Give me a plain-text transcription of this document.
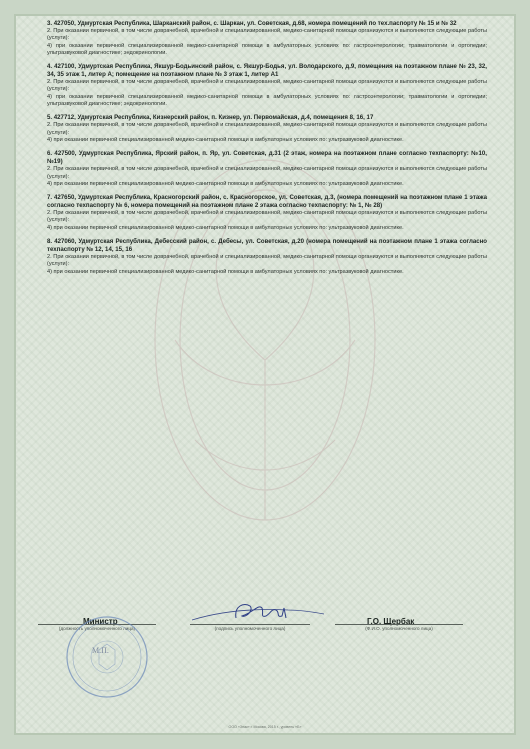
3. 427050, Удмуртская Республика, Шарканский район, с. Шаркан, ул. Советская, д.68, номера помещений по тех.паспорту № 15 и № 32
2. При оказании первичной, в том числе доврачебной, врачебной и специализированной, медико-санитарной помощи организуются и выполняются следующие работы (услуги):
4) при оказании первичной специализированной медико-санитарной помощи в амбулаторных условиях по: гастроэнтерологии; травматологии и ортопедии; ультразвуковой диагностике; эндокринологии.
4. 427100, Удмуртская Республика, Якшур-Бодьинский район, с. Якшур-Бодья, ул. Володарского, д.9, помещения на поэтажном плане № 23, 32, 34, 35 этаж 1, литер А; помещение на поэтажном плане № 3 этаж 1, литер А1
2. При оказании первичной, в том числе доврачебной, врачебной и специализированной, медико-санитарной помощи организуются и выполняются следующие работы (услуги):
4) при оказании первичной специализированной медико-санитарной помощи в амбулаторных условиях по: гастроэнтерологии; травматологии и ортопедии; ультразвуковой диагностике; эндокринологии.
5. 427712, Удмуртская Республика, Кизнерский район, п. Кизнер, ул. Первомайская, д.4, помещения 8, 16, 17
2. При оказании первичной, в том числе доврачебной, врачебной и специализированной, медико-санитарной помощи организуются и выполняются следующие работы (услуги):
4) при оказании первичной специализированной медико-санитарной помощи в амбулаторных условиях по: ультразвуковой диагностике.
6. 427500, Удмуртская Республика, Ярский район, п. Яр, ул. Советская, д.31 (2 этаж, номера на поэтажном плане согласно техпаспорту: №10, №19)
2. При оказании первичной, в том числе доврачебной, врачебной и специализированной, медико-санитарной помощи организуются и выполняются следующие работы (услуги):
4) при оказании первичной специализированной медико-санитарной помощи в амбулаторных условиях по: ультразвуковой диагностике.
7. 427650, Удмуртская Республика, Красногорский район, с. Красногорское, ул. Советская, д.3, (номера помещений на поэтажном плане 1 этажа согласно техпаспорту № 6, номера помещений на поэтажном плане 2 этажа согласно техпаспорту: № 1, № 28)
2. При оказании первичной, в том числе доврачебной, врачебной и специализированной, медико-санитарной помощи организуются и выполняются следующие работы (услуги):
4) при оказании первичной специализированной медико-санитарной помощи в амбулаторных условиях по: ультразвуковой диагностике.
8. 427060, Удмуртская Республика, Дебесский район, с. Дебесы, ул. Советская, д.20 (номера помещений на поэтажном плане 1 этажа согласно техпаспорту № 12, 14, 15, 16
2. При оказании первичной, в том числе доврачебной, врачебной и специализированной, медико-санитарной помощи организуются и выполняются следующие работы (услуги):
4) при оказании первичной специализированной медико-санитарной помощи в амбулаторных условиях по: ультразвуковой диагностике.
Министр
(должность уполномоченного лица)	(подпись уполномоченного лица)
Г.О. Щербак
(Ф.И.О. уполномоченного лица)
М.П.
ООО «Знак» г. Москва, 2015 г., уровень «Б»
